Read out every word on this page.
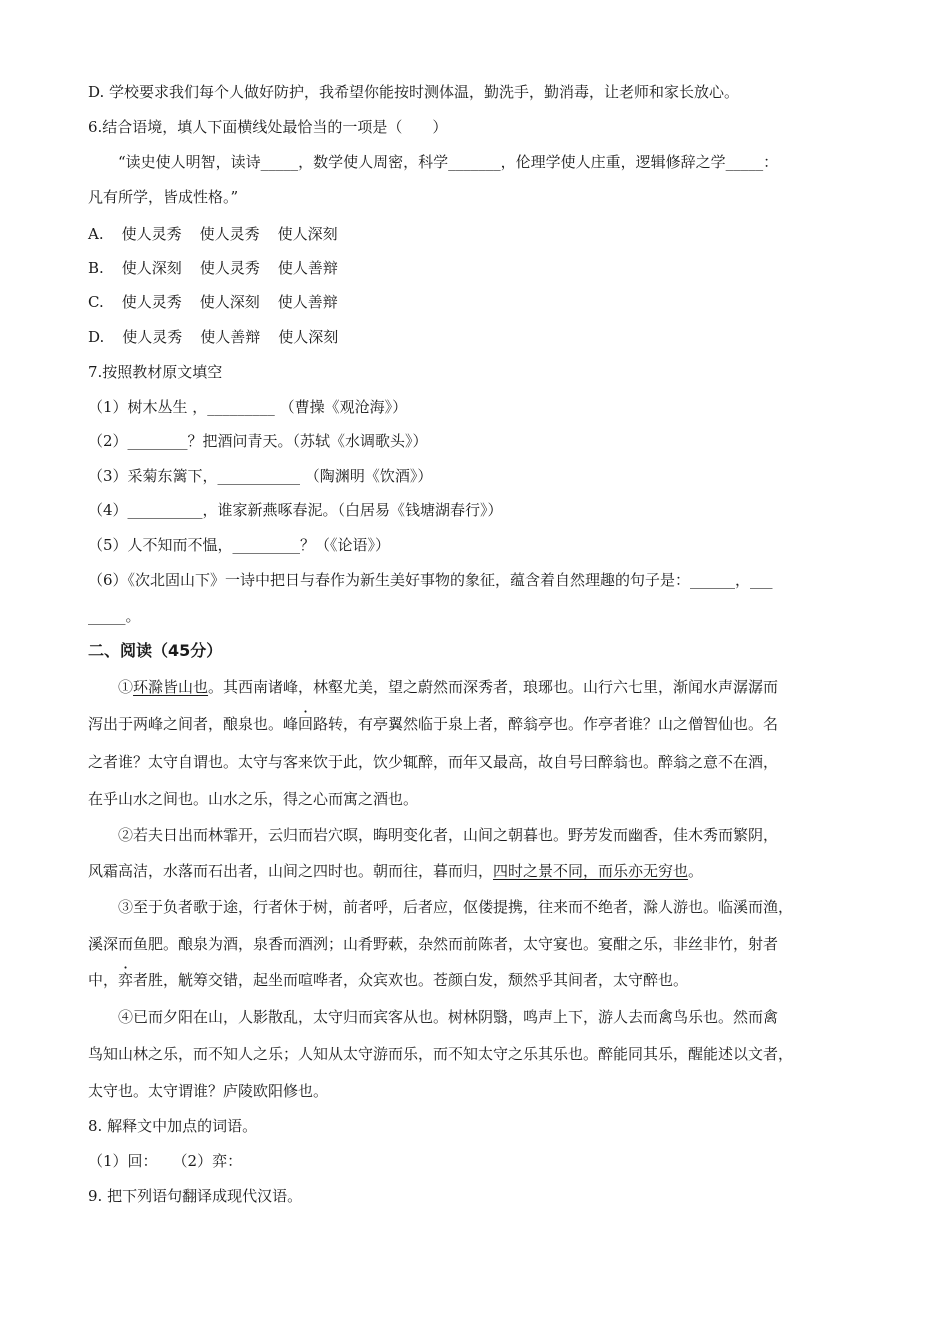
D. 学校要求我们每个人做好防护，我希望你能按时测体温，勤洗手，勤消毒，让老师和家长放心。
6.结合语境，填人下面横线处最恰当的一项是（　　）
“读史使人明智，读诗_____，数学使人周密，科学_______，伦理学使人庄重，逻辑修辞之学_____：
凡有所学，皆成性格。”
A. 使人灵秀 使人灵秀 使人深刻
B. 使人深刻 使人灵秀 使人善辩
C. 使人灵秀 使人深刻 使人善辩
D. 使人灵秀 使人善辩 使人深刻
7.按照教材原文填空
（1）树木丛生 ，_________ （曹操《观沧海》）
（2）________？把酒问青天。（苏轼《水调歌头》）
（3）采菊东篱下，___________ （陶渊明《饮酒》）
（4）__________，谁家新燕啄春泥。（白居易《钱塘湖春行》）
（5）人不知而不愠，_________？（《论语》）
（6）《次北固山下》一诗中把日与春作为新生美好事物的象征，蕴含着自然理趣的句子是：______，___
_____。
二、阅读（45分）
①环滁皆山也。其西南诸峰，林壑尤美，望之蔚然而深秀者，琅琊也。山行六七里，渐闻水声潺潺而
泻出于两峰之间者，酿泉也。峰回路转，有亭翼然临于泉上者，醉翁亭也。作亭者谁？山之僧智仙也。名
之者谁？太守自谓也。太守与客来饮于此，饮少辄醉，而年又最高，故自号曰醉翁也。醉翁之意不在酒，
在乎山水之间也。山水之乐，得之心而寓之酒也。
②若夫日出而林霏开，云归而岩穴暝，晦明变化者，山间之朝暮也。野芳发而幽香，佳木秀而繁阴，
风霜高洁，水落而石出者，山间之四时也。朝而往，暮而归，四时之景不同，而乐亦无穷也。
③至于负者歌于途，行者休于树，前者呼，后者应，伛偻提携，往来而不绝者，滁人游也。临溪而渔，
溪深而鱼肥。酿泉为酒，泉香而酒洌；山肴野蔌，杂然而前陈者，太守宴也。宴酣之乐，非丝非竹，射者
中，弈者胜，觥筹交错，起坐而喧哗者，众宾欢也。苍颜白发，颓然乎其间者，太守醉也。
④已而夕阳在山，人影散乱，太守归而宾客从也。树林阴翳，鸣声上下，游人去而禽鸟乐也。然而禽
鸟知山林之乐，而不知人之乐；人知从太守游而乐，而不知太守之乐其乐也。醉能同其乐，醒能述以文者，
太守也。太守谓谁？庐陵欧阳修也。
8. 解释文中加点的词语。
（1）回：　　（2）弈：
9. 把下列语句翻译成现代汉语。
